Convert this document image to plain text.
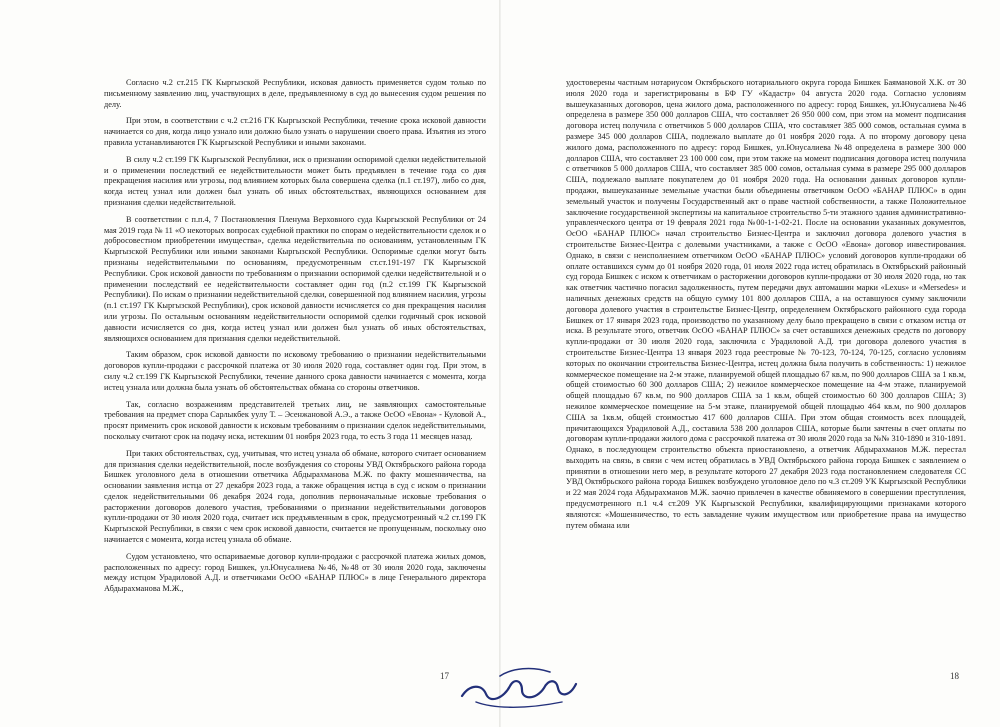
Согласно ч.2 ст.215 ГК Кыргызской Республики, исковая давность применяется судом только по письменному заявлению лиц, участвующих в деле, предъявленному в суд до вынесения судом решения по делу.

При этом, в соответствии с ч.2 ст.216 ГК Кыргызской Республики, течение срока исковой давности начинается со дня, когда лицо узнало или должно было узнать о нарушении своего права. Изъятия из этого правила устанавливаются ГК Кыргызской Республики и иными законами.

В силу ч.2 ст.199 ГК Кыргызской Республики, иск о признании оспоримой сделки недействительной и о применении последствий ее недействительности может быть предъявлен в течение года со дня прекращения насилия или угрозы, под влиянием которых была совершена сделка (п.1 ст.197), либо со дня, когда истец узнал или должен был узнать об иных обстоятельствах, являющихся основанием для признания сделки недействительной.

В соответствии с п.п.4, 7 Постановления Пленума Верховного суда Кыргызской Республики от 24 мая 2019 года № 11 «О некоторых вопросах судебной практики по спорам о недействительности сделок и о добросовестном приобретении имущества», сделка недействительна по основаниям, установленным ГК Кыргызской Республики или иными законами Кыргызской Республики. Оспоримые сделки могут быть признаны недействительными по основаниям, предусмотренным ст.ст.191-197 ГК Кыргызской Республики. Срок исковой давности по требованиям о признании оспоримой сделки недействительной и о применении последствий ее недействительности составляет один год (п.2 ст.199 ГК Кыргызской Республики). По искам о признании недействительной сделки, совершенной под влиянием насилия, угрозы (п.1 ст.197 ГК Кыргызской Республики), срок исковой давности исчисляется со дня прекращения насилия или угрозы. По остальным основаниям недействительности оспоримой сделки годичный срок исковой давности исчисляется со дня, когда истец узнал или должен был узнать об иных обстоятельствах, являющихся основанием для признания сделки недействительной.

Таким образом, срок исковой давности по исковому требованию о признании недействительными договоров купли-продажи с рассрочкой платежа от 30 июля 2020 года, составляет один год. При этом, в силу ч.2 ст.199 ГК Кыргызской Республики, течение данного срока давности начинается с момента, когда истец узнала или должна была узнать об обстоятельствах обмана со стороны ответчиков.

Так, согласно возражениям представителей третьих лиц, не заявляющих самостоятельные требования на предмет спора Сарлыкбек уулу Т. – Эсенжановой А.Э., а также ОсОО «Евона» - Куловой А., просят применить срок исковой давности к исковым требованиям о признании сделок недействительными, поскольку считают срок на подачу иска, истекшим 01 ноября 2023 года, то есть 3 года 11 месяцев назад.

При таких обстоятельствах, суд, учитывая, что истец узнала об обмане, которого считает основанием для признания сделки недействительной, после возбуждения со стороны УВД Октябрьского района города Бишкек уголовного дела в отношении ответчика Абдырахманова М.Ж. по факту мошенничества, на основании заявления истца от 27 декабря 2023 года, а также обращения истца в суд с иском о признании сделок недействительными 06 декабря 2024 года, дополнив первоначальные исковые требования о расторжении договоров долевого участия, требованиями о признании недействительными договоров купли-продажи от 30 июля 2020 года, считает иск предъявленным в срок, предусмотренный ч.2 ст.199 ГК Кыргызской Республики, в связи с чем срок исковой давности, считается не пропущенным, поскольку оно начинается с момента, когда истец узнала об обмане.

Судом установлено, что оспариваемые договор купли-продажи с рассрочкой платежа жилых домов, расположенных по адресу: город Бишкек, ул.Юнусалиева №46, №48 от 30 июля 2020 года, заключены между истцом Урадиловой А.Д. и ответчиками ОсОО «БАНАР ПЛЮС» в лице Генерального директора Абдырахманова М.Ж.,

17

удостоверены частным нотариусом Октябрьского нотариального округа города Бишкек Баямановой Х.К. от 30 июля 2020 года и зарегистрированы в БФ ГУ «Кадастр» 04 августа 2020 года. Согласно условиям вышеуказанных договоров, цена жилого дома, расположенного по адресу: город Бишкек, ул.Юнусалиева №46 определена в размере 350 000 долларов США, что составляет 26 950 000 сом, при этом на момент подписания договора истец получила с ответчиков 5 000 долларов США, что составляет 385 000 сомов, остальная сумма в размере 345 000 долларов США, подлежало выплате до 01 ноября 2020 года. А по второму договору цена жилого дома, расположенного по адресу: город Бишкек, ул.Юнусалиева №48 определена в размере 300 000 долларов США, что составляет 23 100 000 сом, при этом также на момент подписания договора истец получила с ответчиков 5 000 долларов США, что составляет 385 000 сомов, остальная сумма в размере 295 000 долларов США, подлежало выплате покупателем до 01 ноября 2020 года. На основании данных договоров купли-продажи, вышеуказанные земельные участки были объединены ответчиком ОсОО «БАНАР ПЛЮС» в один земельный участок и получены Государственный акт о праве частной собственности, а также Положительное заключение государственной экспертизы на капитальное строительство 5-ти этажного здания административно-управленческого центра от 19 февраля 2021 года №00-1-1-02-21. После на основании указанных документов, ОсОО «БАНАР ПЛЮС» начал строительство Бизнес-Центра и заключил договора долевого участия в строительстве Бизнес-Центра с долевыми участниками, а также с ОсОО «Евона» договор инвестирования. Однако, в связи с неисполнением ответчиком ОсОО «БАНАР ПЛЮС» условий договоров купли-продажи об оплате оставшихся сумм до 01 ноября 2020 года, 01 июля 2022 года истец обратилась в Октябрьский районный суд города Бишкек с иском к ответчикам о расторжении договоров купли-продажи от 30 июля 2020 года, но так как ответчик частично погасил задолженность, путем передачи двух автомашин марки «Lexus» и «Mersedes» и наличных денежных средств на общую сумму 101 800 долларов США, а на оставшуюся сумму заключили договора долевого участия в строительстве Бизнес-Центр, определением Октябрьского районного суда города Бишкек от 17 января 2023 года, производство по указанному делу было прекращено в связи с отказом истца от иска. В результате этого, ответчик ОсОО «БАНАР ПЛЮС» за счет оставшихся денежных средств по договору купли-продажи от 30 июля 2020 года, заключила с Урадиловой А.Д. три договора долевого участия в строительстве Бизнес-Центра 13 января 2023 года реестровые № 70-123, 70-124, 70-125, согласно условиям которых по окончании строительства Бизнес-Центра, истец должна была получить в собственность: 1) нежилое коммерческое помещение на 2-м этаже, планируемой общей площадью 67 кв.м, по 900 долларов США за 1 кв.м, общей стоимостью 60 300 долларов США; 2) нежилое коммерческое помещение на 4-м этаже, планируемой общей площадью 67 кв.м, по 900 долларов США за 1 кв.м, общей стоимостью 60 300 долларов США; 3) нежилое коммерческое помещение на 5-м этаже, планируемой общей площадью 464 кв.м, по 900 долларов США за 1кв.м, общей стоимостью 417 600 долларов США. При этом общая стоимость всех площадей, причитающихся Урадиловой А.Д., составила 538 200 долларов США, которые были зачтены в счет оплаты по договорам купли-продажи жилого дома с рассрочкой платежа от 30 июля 2020 года за №№ 310-1890 и 310-1891. Однако, в последующем строительство объекта приостановлено, а ответчик Абдырахманов М.Ж. перестал выходить на связь, в связи с чем истец обратилась в УВД Октябрьского района города Бишкек с заявлением о принятии в отношении него мер, в результате которого 27 декабря 2023 года постановлением следователя СС УВД Октябрьского района города Бишкек возбуждено уголовное дело по ч.3 ст.209 УК Кыргызской Республики и 22 мая 2024 года Абдырахманов М.Ж. заочно привлечен в качестве обвиняемого в совершении преступления, предусмотренного п.1 ч.4 ст.209 УК Кыргызской Республики, квалифицирующими признаками которого являются: «Мошенничество, то есть завладение чужим имуществом или приобретение права на имущество путем обмана или

18
